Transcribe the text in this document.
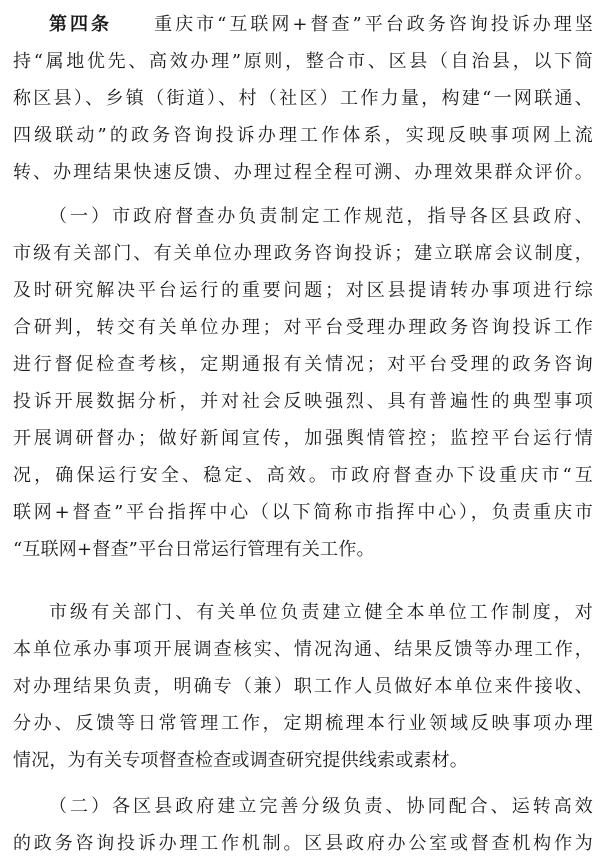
第四条　　 重庆市“互联网+督查”平台政务咨询投诉办理坚
持“属地优先、高效办理”原则，整合市、区县（自治县，以下简
称区县）、乡镇（街道）、村（社区）工作力量，构建“一网联通、
四级联动”的政务咨询投诉办理工作体系，实现反映事项网上流
转、办理结果快速反馈、办理过程全程可溯、办理效果群众评价。
（一）市政府督查办负责制定工作规范，指导各区县政府、
市级有关部门、有关单位办理政务咨询投诉；建立联席会议制度，
及时研究解决平台运行的重要问题；对区县提请转办事项进行综
合研判，转交有关单位办理；对平台受理办理政务咨询投诉工作
进行督促检查考核，定期通报有关情况；对平台受理的政务咨询
投诉开展数据分析，并对社会反映强烈、具有普遍性的典型事项
开展调研督办；做好新闻宣传，加强舆情管控；监控平台运行情
况，确保运行安全、稳定、高效。市政府督查办下设重庆市“互
联网+督查”平台指挥中心（以下简称市指挥中心），负责重庆市
“互联网+督查”平台日常运行管理有关工作。
市级有关部门、有关单位负责建立健全本单位工作制度，对
本单位承办事项开展调查核实、情况沟通、结果反馈等办理工作，
对办理结果负责，明确专（兼）职工作人员做好本单位来件接收、
分办、反馈等日常管理工作，定期梳理本行业领域反映事项办理
情况，为有关专项督查检查或调查研究提供线索或素材。
（二）各区县政府建立完善分级负责、协同配合、运转高效
的政务咨询投诉办理工作机制。区县政府办公室或督查机构作为
